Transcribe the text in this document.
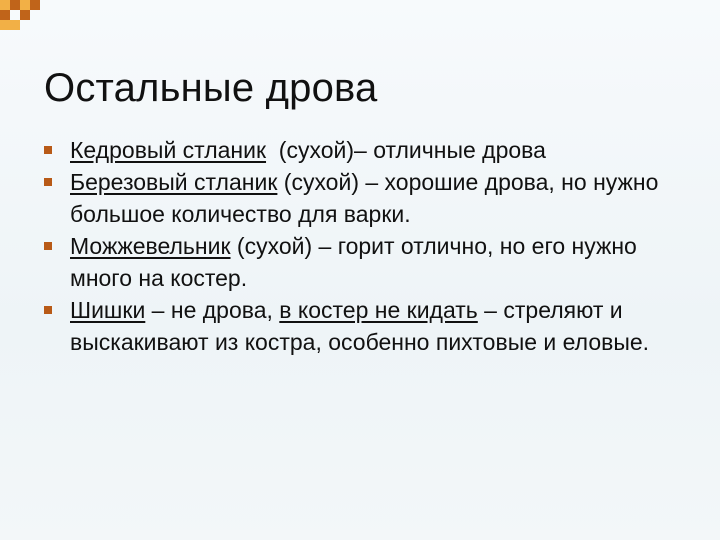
Остальные дрова
Кедровый стланик  (сухой)– отличные дрова
Березовый стланик (сухой) – хорошие дрова, но нужно большое количество для варки.
Можжевельник (сухой) – горит отлично, но его нужно много на костер.
Шишки – не дрова, в костер не кидать – стреляют и выскакивают из костра, особенно пихтовые и еловые.
